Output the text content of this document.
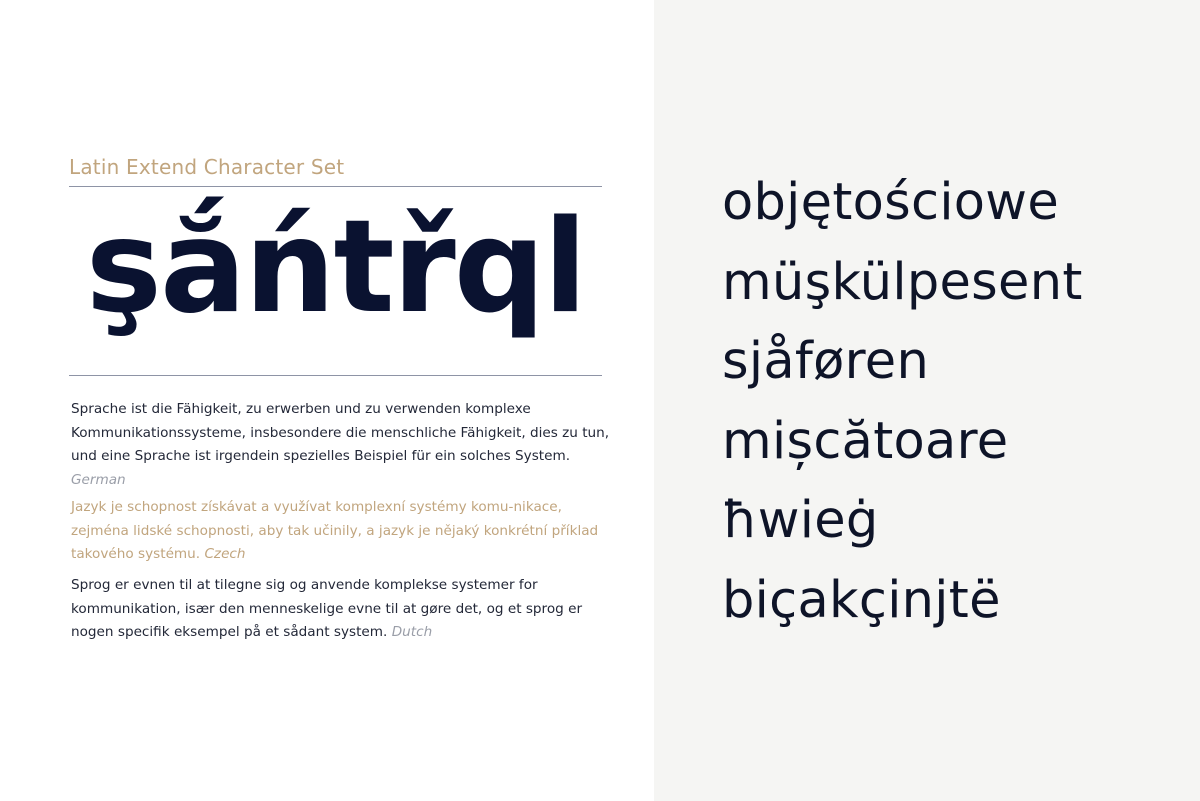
Latin Extend Character Set
şắńtřql

Sprache ist die Fähigkeit, zu erwerben und zu verwenden komplexe Kommunikationssysteme, insbesondere die menschliche Fähigkeit, dies zu tun, und eine Sprache ist irgendein spezielles Beispiel für ein solches System. German

Jazyk je schopnost získávat a využívat komplexní systémy komu-nikace, zejména lidské schopnosti, aby tak učinily, a jazyk je nějaký konkrétní příklad takového systému. Czech

Sprog er evnen til at tilegne sig og anvende komplekse systemer for kommunikation, især den menneskelige evne til at gøre det, og et sprog er nogen specifik eksempel på et sådant system. Dutch

objętościowe
müşkülpesent
sjåføren
mișcătoare
ħwieġ
biçakçinjtë
